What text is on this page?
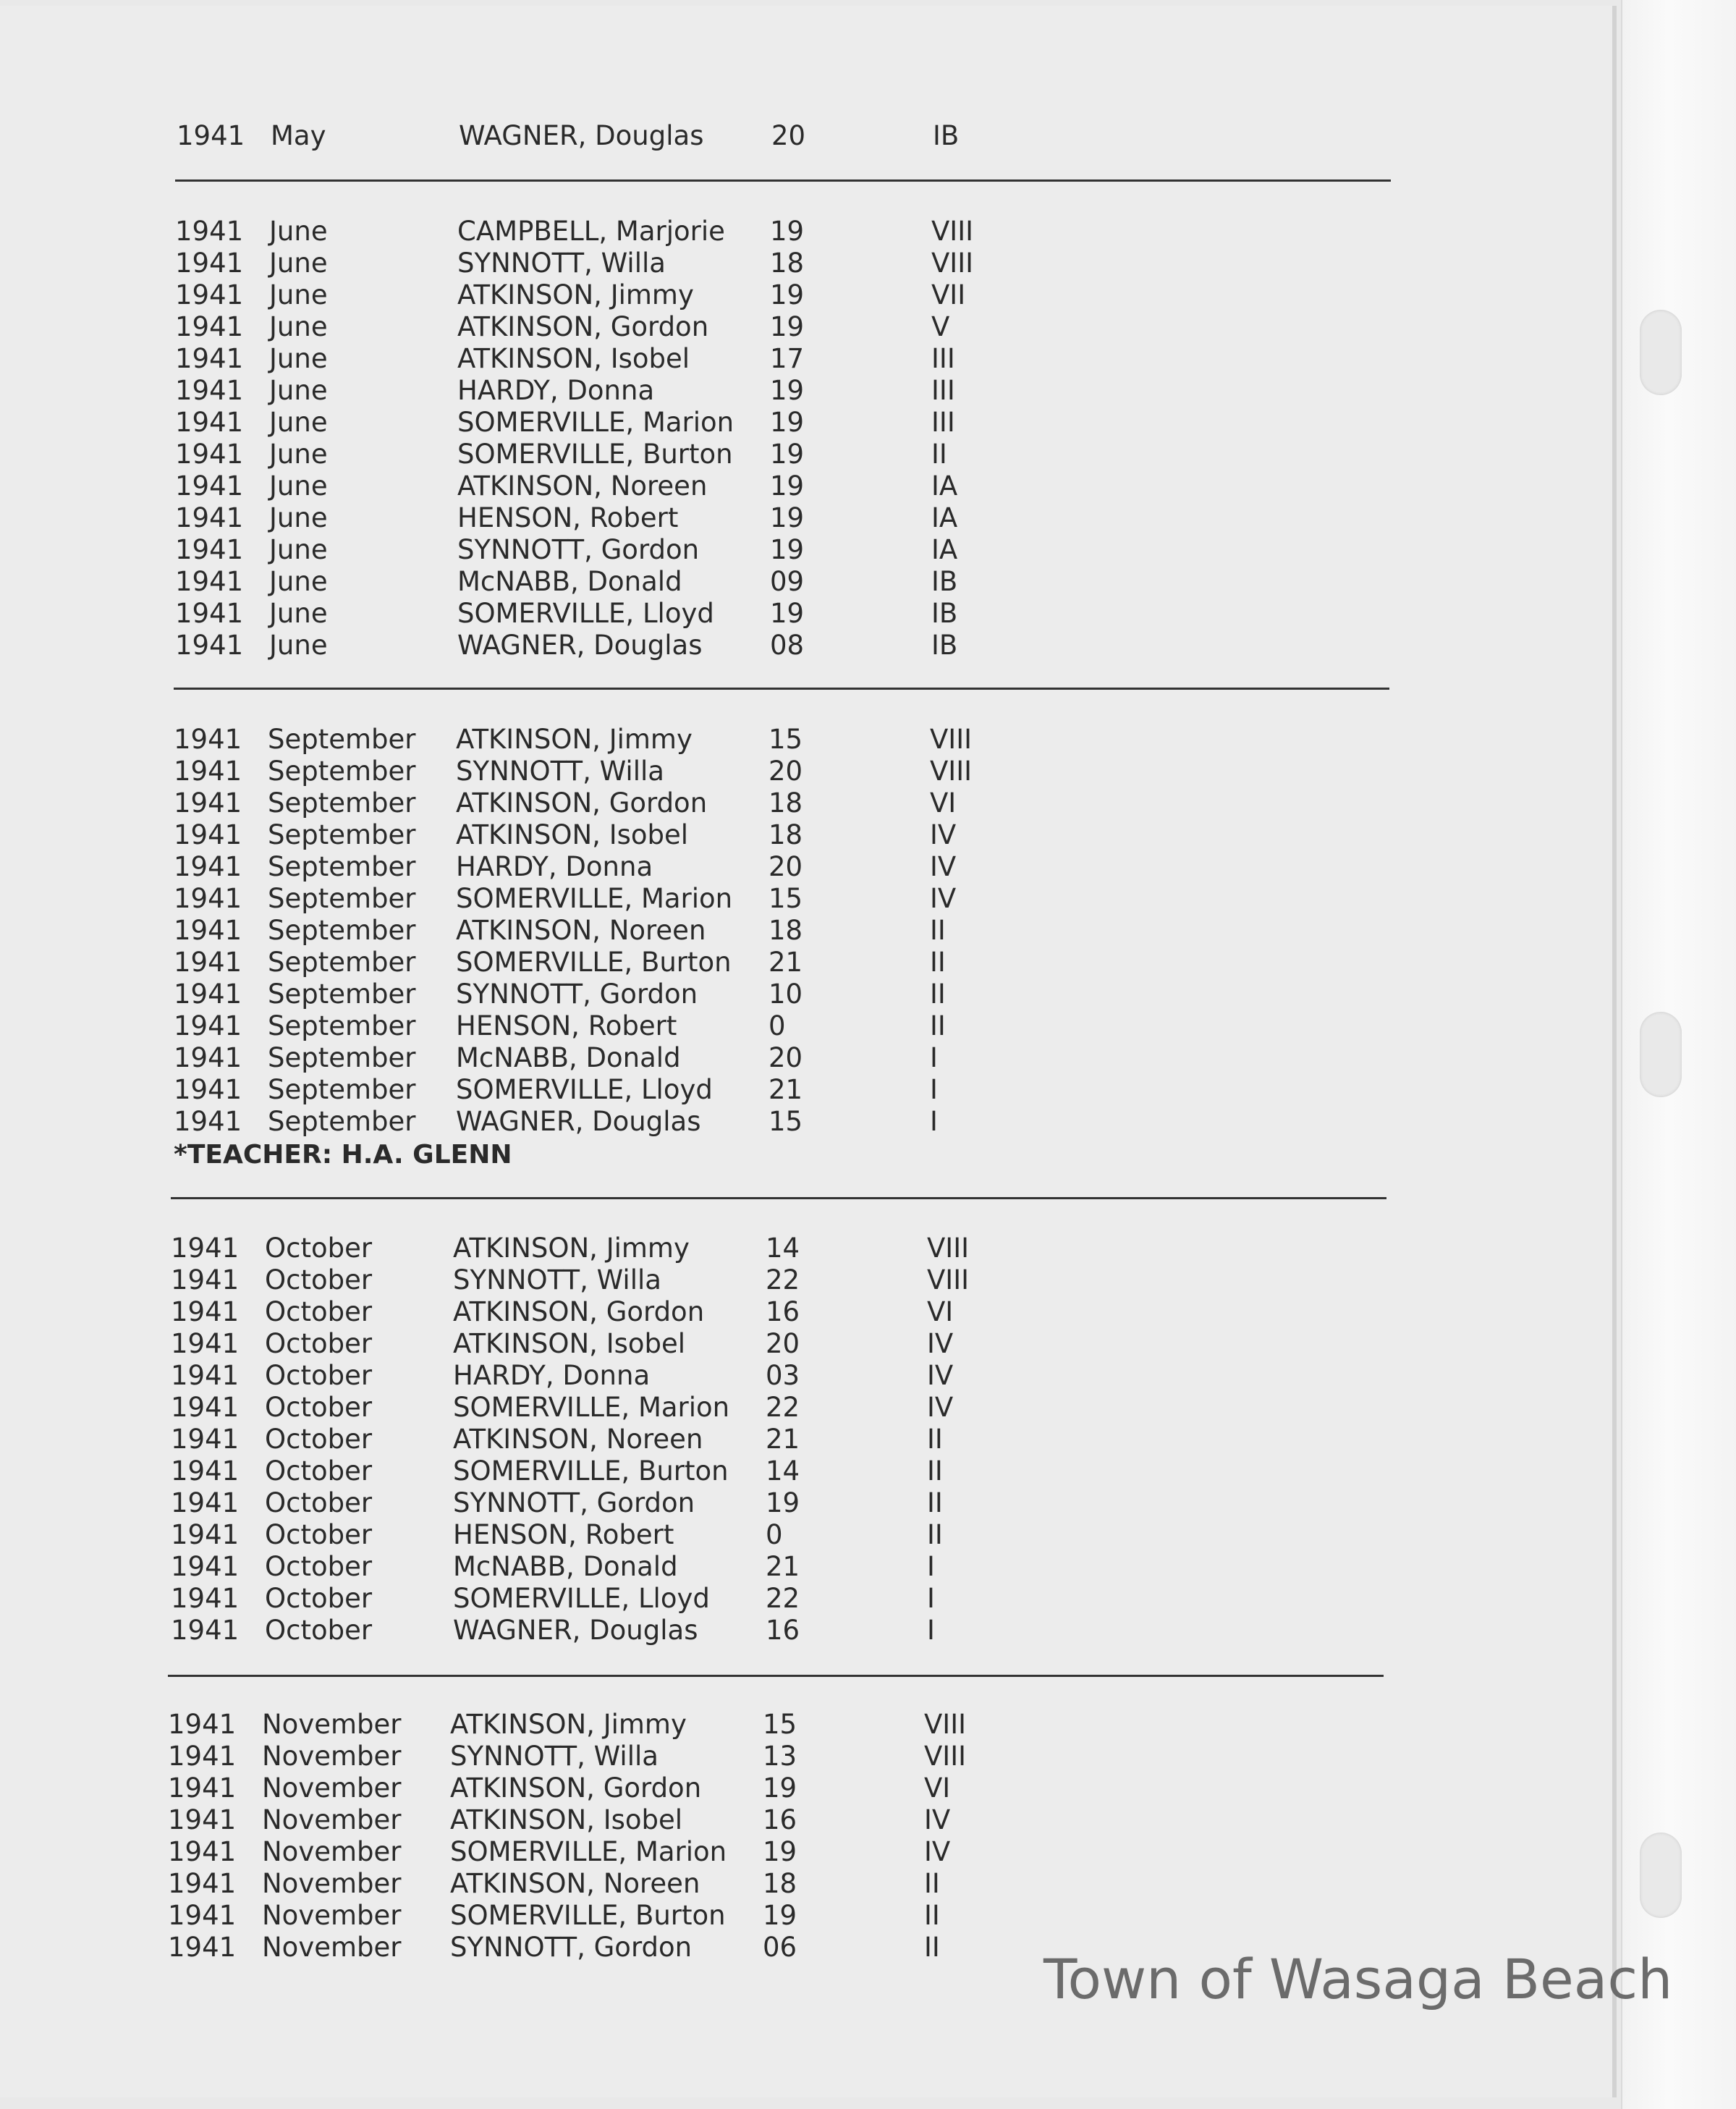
1941 May	WAGNER, Douglas	20	IB
1941 June	CAMPBELL, Marjorie 19	VIII
1941 June	SYNNOTT, Willa	18	VIII
1941 June	ATKINSON, Jimmy	19	VII
1941 June	ATKINSON, Gordon 19	V
1941 June	ATKINSON, Isobel	17	III
1941 June	HARDY, Donna	19	III
1941 June	SOMERVILLE, Marion 19	III
1941 June	SOMERVILLE, Burton 19	II
1941 June	ATKINSON, Noreen 19	IA
1941 June	HENSON, Robert	19	IA
1941 June	SYNNOTT, Gordon	19	IA
1941 June	McNABB, Donald	09	IB
1941 June	SOMERVILLE, Lloyd 19	IB
1941 June	WAGNER, Douglas	08	IB
1941 September ATKINSON, Jimmy	15	VIII
1941 September SYNNOTT, Willa	20	VIII
1941 September ATKINSON, Gordon 18	VI
1941 September ATKINSON, Isobel	18	IV
1941 September HARDY, Donna	20	IV
1941 September SOMERVILLE, Marion 15	IV
1941 September ATKINSON, Noreen 18	II
1941 September SOMERVILLE, Burton 21	II
1941 September SYNNOTT, Gordon	10	II
1941 September HENSON, Robert	0	II
1941 September McNABB, Donald	20	I
1941 September SOMERVILLE, Lloyd 21	I
1941 September WAGNER, Douglas	15	I
*TEACHER: H.A. GLENN
1941 October	ATKINSON, Jimmy	14	VIII
1941 October	SYNNOTT, Willa	22	VIII
1941 October	ATKINSON, Gordon 16	VI
1941 October	ATKINSON, Isobel	20	IV
1941 October	HARDY, Donna	03	IV
1941 October	SOMERVILLE, Marion 22	IV
1941 October	ATKINSON, Noreen 21	II
1941 October	SOMERVILLE, Burton 14	II
1941 October	SYNNOTT, Gordon	19	II
1941 October	HENSON, Robert	0	II
1941 October	McNABB, Donald	21	I
1941 October	SOMERVILLE, Lloyd 22	I
1941 October	WAGNER, Douglas	16	I
1941 November ATKINSON, Jimmy	15	VIII
1941 November SYNNOTT, Willa	13	VIII
1941 November ATKINSON, Gordon 19	VI
1941 November ATKINSON, Isobel	16	IV
1941 November SOMERVILLE, Marion 19	IV
1941 November ATKINSON, Noreen 18	II
1941 November SOMERVILLE, Burton 19	II
1941 November SYNNOTT, Gordon	06	II Town of Wasaga Beach
